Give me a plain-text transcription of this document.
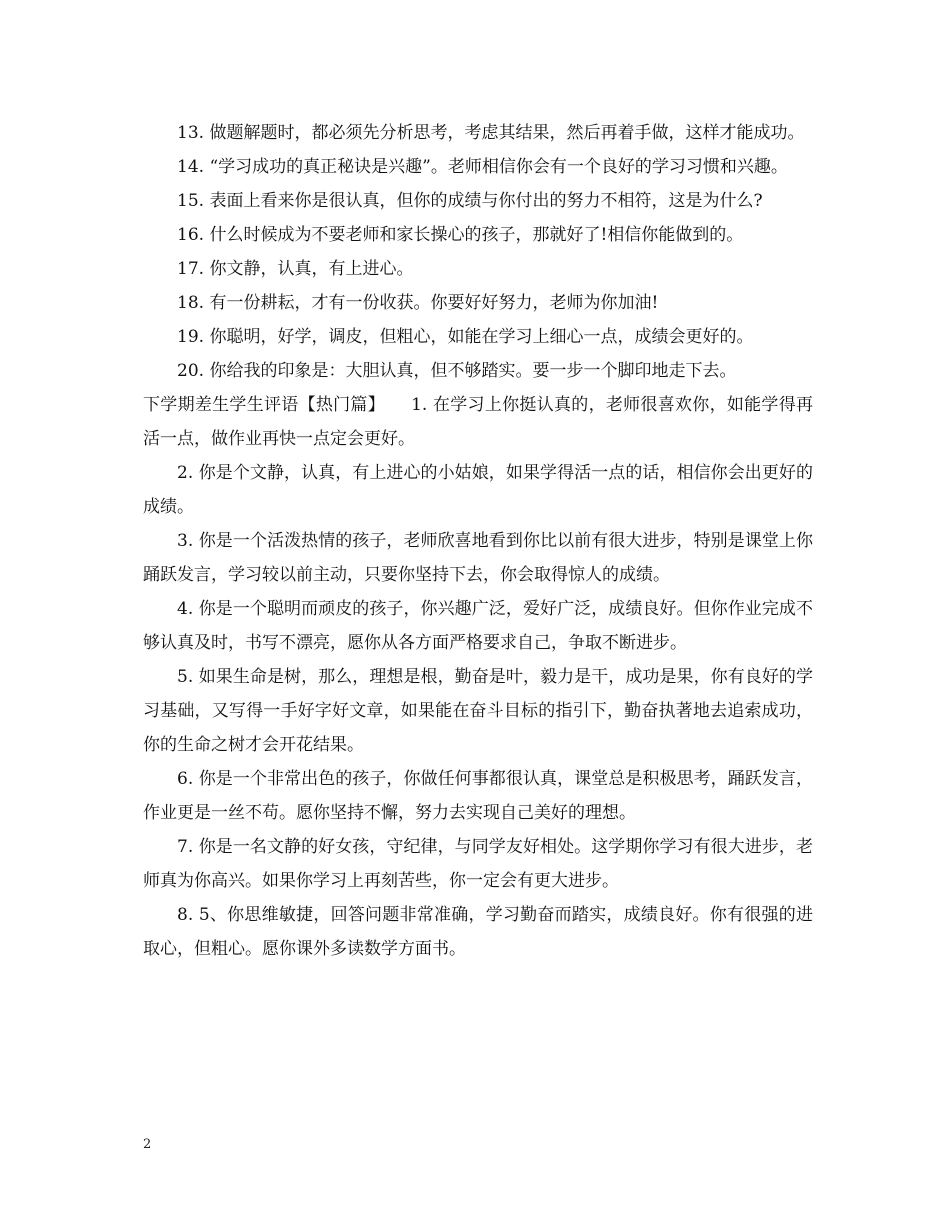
13. 做题解题时，都必须先分析思考，考虑其结果，然后再着手做，这样才能成功。

14. “学习成功的真正秘诀是兴趣”。老师相信你会有一个良好的学习习惯和兴趣。

15. 表面上看来你是很认真，但你的成绩与你付出的努力不相符，这是为什么?

16. 什么时候成为不要老师和家长操心的孩子，那就好了!相信你能做到的。

17. 你文静，认真，有上进心。

18. 有一份耕耘，才有一份收获。你要好好努力，老师为你加油!

19. 你聪明，好学，调皮，但粗心，如能在学习上细心一点，成绩会更好的。

20. 你给我的印象是：大胆认真，但不够踏实。要一步一个脚印地走下去。

下学期差生学生评语【热门篇】　　1. 在学习上你挺认真的，老师很喜欢你，如能学得再活一点，做作业再快一点定会更好。

2. 你是个文静，认真，有上进心的小姑娘，如果学得活一点的话，相信你会出更好的成绩。

3. 你是一个活泼热情的孩子，老师欣喜地看到你比以前有很大进步，特别是课堂上你踊跃发言，学习较以前主动，只要你坚持下去，你会取得惊人的成绩。

4. 你是一个聪明而顽皮的孩子，你兴趣广泛，爱好广泛，成绩良好。但你作业完成不够认真及时，书写不漂亮，愿你从各方面严格要求自己，争取不断进步。

5. 如果生命是树，那么，理想是根，勤奋是叶，毅力是干，成功是果，你有良好的学习基础，又写得一手好字好文章，如果能在奋斗目标的指引下，勤奋执著地去追索成功，你的生命之树才会开花结果。

6. 你是一个非常出色的孩子，你做任何事都很认真，课堂总是积极思考，踊跃发言，作业更是一丝不苟。愿你坚持不懈，努力去实现自己美好的理想。

7. 你是一名文静的好女孩，守纪律，与同学友好相处。这学期你学习有很大进步，老师真为你高兴。如果你学习上再刻苦些，你一定会有更大进步。

8. 5、你思维敏捷，回答问题非常准确，学习勤奋而踏实，成绩良好。你有很强的进取心，但粗心。愿你课外多读数学方面书。

2
